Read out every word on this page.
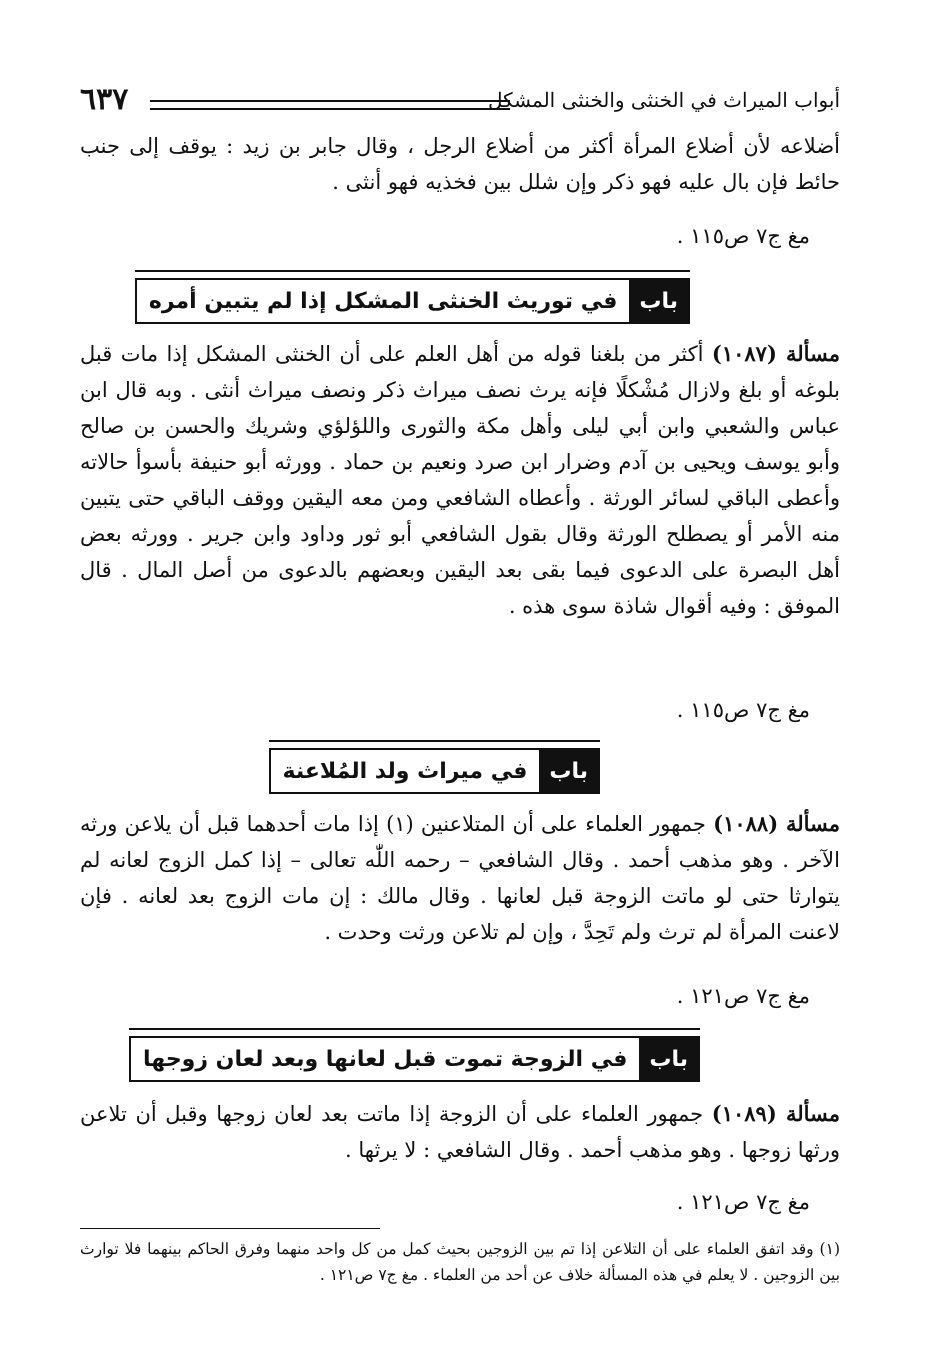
أبواب الميراث في الخنثى والخنثى المشكل
٦٣٧
أضلاعه لأن أضلاع المرأة أكثر من أضلاع الرجل ، وقال جابر بن زيد : يوقف إلى جنب حائط فإن بال عليه فهو ذكر وإن شلل بين فخذيه فهو أنثى .
مغ ج٧ ص١١٥ .
باب
في توريث الخنثى المشكل إذا لم يتبين أمره
مسألة (١٠٨٧) أكثر من بلغنا قوله من أهل العلم على أن الخنثى المشكل إذا مات قبل بلوغه أو بلغ ولازال مُشْكلًا فإنه يرث نصف ميراث ذكر ونصف ميراث أنثى . وبه قال ابن عباس والشعبي وابن أبي ليلى وأهل مكة والثورى واللؤلؤي وشريك والحسن بن صالح وأبو يوسف ويحيى بن آدم وضرار ابن صرد ونعيم بن حماد . وورثه أبو حنيفة بأسوأ حالاته وأعطى الباقي لسائر الورثة . وأعطاه الشافعي ومن معه اليقين ووقف الباقي حتى يتبين منه الأمر أو يصطلح الورثة وقال بقول الشافعي أبو ثور وداود وابن جرير . وورثه بعض أهل البصرة على الدعوى فيما بقى بعد اليقين وبعضهم بالدعوى من أصل المال . قال الموفق : وفيه أقوال شاذة سوى هذه .
مغ ج٧ ص١١٥ .
باب
في ميراث ولد المُلاعنة
مسألة (١٠٨٨) جمهور العلماء على أن المتلاعنين (١) إذا مات أحدهما قبل أن يلاعن ورثه الآخر . وهو مذهب أحمد . وقال الشافعي – رحمه اللّٰه تعالى – إذا كمل الزوج لعانه لم يتوارثا حتى لو ماتت الزوجة قبل لعانها . وقال مالك : إن مات الزوج بعد لعانه . فإن لاعنت المرأة لم ترث ولم تَحِدَّ ، وإن لم تلاعن ورثت وحدت .
مغ ج٧ ص١٢١ .
باب
في الزوجة تموت قبل لعانها وبعد لعان زوجها
مسألة (١٠٨٩) جمهور العلماء على أن الزوجة إذا ماتت بعد لعان زوجها وقبل أن تلاعن ورثها زوجها . وهو مذهب أحمد . وقال الشافعي : لا يرثها .
مغ ج٧ ص١٢١ .
(١) وقد اتفق العلماء على أن التلاعن إذا تم بين الزوجين بحيث كمل من كل واحد منهما وفرق الحاكم بينهما فلا توارث بين الزوجين . لا يعلم في هذه المسألة خلاف عن أحد من العلماء . مغ ج٧ ص١٢١ .
